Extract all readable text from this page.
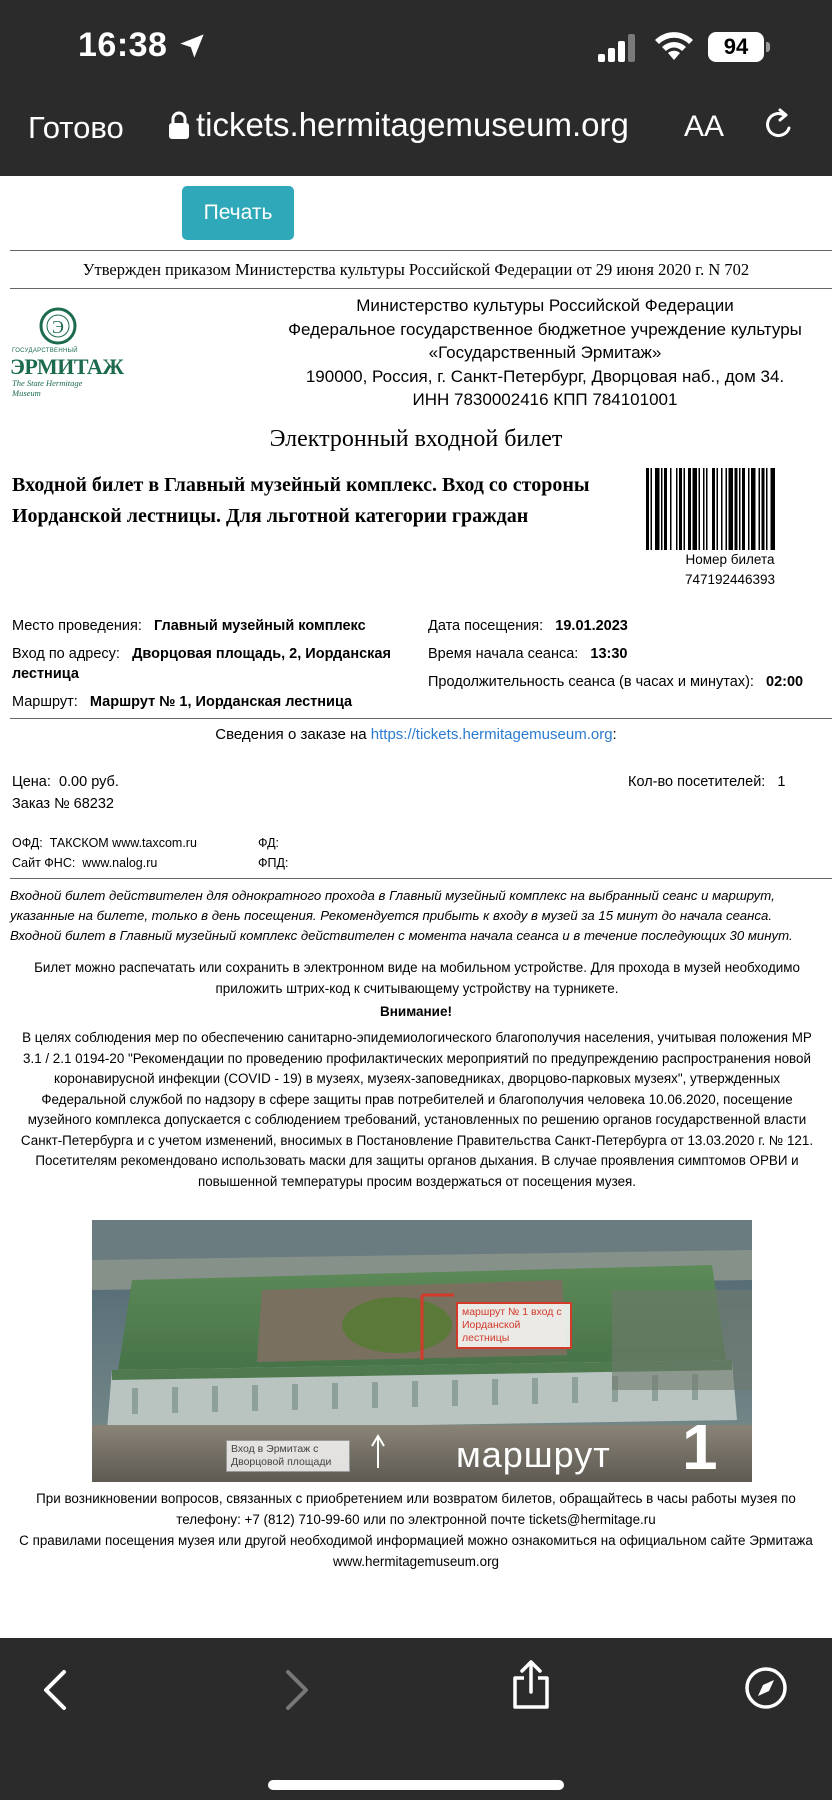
16:38	94
Готово tickets.hermitagemuseum.org AA
Печать
Утвержден приказом Министерства культуры Российской Федерации от 29 июня 2020 г. N 702
Э
ГОСУДАРСТВЕННЫЙ
ЭРМИТАЖ
The State Hermitage Museum
Министерство культуры Российской Федерации
Федеральное государственное бюджетное учреждение культуры
«Государственный Эрмитаж»
190000, Россия, г. Санкт-Петербург, Дворцовая наб., дом 34.
ИНН 7830002416 КПП 784101001
Электронный входной билет
Входной билет в Главный музейный комплекс. Вход со стороны Иорданской лестницы. Для льготной категории граждан
Номер билета
747192446393
Место проведения: Главный музейный комплекс
Вход по адресу: Дворцовая площадь, 2, Иорданская лестница
Маршрут: Маршрут № 1, Иорданская лестница
Дата посещения: 19.01.2023
Время начала сеанса: 13:30
Продолжительность сеанса (в часах и минутах): 02:00
Сведения о заказе на https://tickets.hermitagemuseum.org:
Цена: 0.00 руб.
Заказ № 68232
Кол-во посетителей: 1
ОФД: ТАКСКОМ www.taxcom.ru
Сайт ФНС: www.nalog.ru
ФД:
ФПД:
Входной билет действителен для однократного прохода в Главный музейный комплекс на выбранный сеанс и маршрут, указанные на билете, только в день посещения. Рекомендуется прибыть к входу в музей за 15 минут до начала сеанса. Входной билет в Главный музейный комплекс действителен с момента начала сеанса и в течение последующих 30 минут.
Билет можно распечатать или сохранить в электронном виде на мобильном устройстве. Для прохода в музей необходимо приложить штрих-код к считывающему устройству на турникете.
Внимание!
В целях соблюдения мер по обеспечению санитарно-эпидемиологического благополучия населения, учитывая положения МР 3.1 / 2.1 0194-20 "Рекомендации по проведению профилактических мероприятий по предупреждению распространения новой коронавирусной инфекции (COVID - 19) в музеях, музеях-заповедниках, дворцово-парковых музеях", утвержденных Федеральной службой по надзору в сфере защиты прав потребителей и благополучия человека 10.06.2020, посещение музейного комплекса допускается с соблюдением требований, установленных по решению органов государственной власти Санкт-Петербурга и с учетом изменений, вносимых в Постановление Правительства Санкт-Петербурга от 13.03.2020 г. № 121. Посетителям рекомендовано использовать маски для защиты органов дыхания. В случае проявления симптомов ОРВИ и повышенной температуры просим воздержаться от посещения музея.
маршрут № 1 вход с Иорданской лестницы
Вход в Эрмитаж с Дворцовой площади	маршрут 1
При возникновении вопросов, связанных с приобретением или возвратом билетов, обращайтесь в часы работы музея по телефону: +7 (812) 710-99-60 или по электронной почте tickets@hermitage.ru
С правилами посещения музея или другой необходимой информацией можно ознакомиться на официальном сайте Эрмитажа www.hermitagemuseum.org
